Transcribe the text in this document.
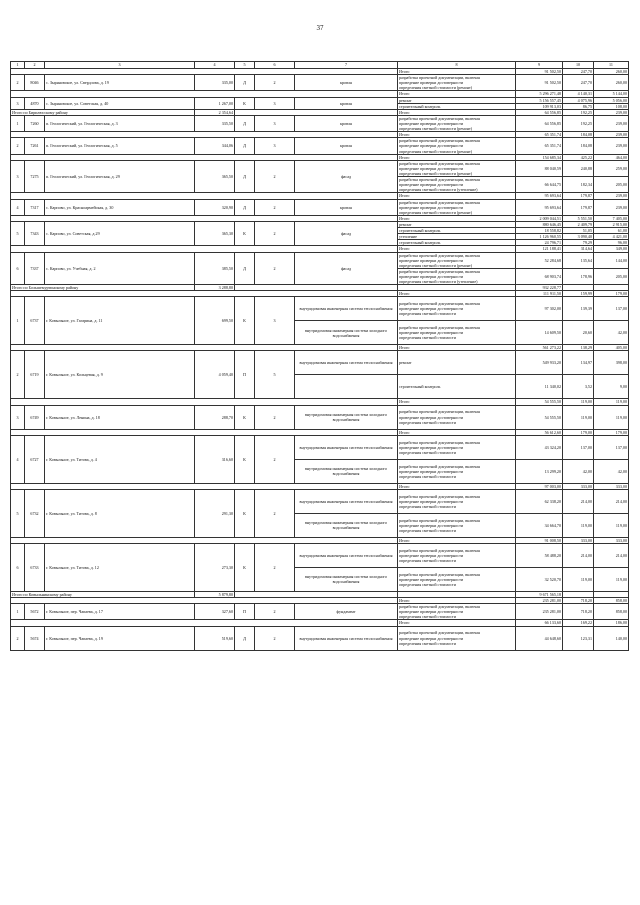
37
1	2	3	4	5	6	7	8	9	10	11
							Итого	91 502,50	247,70	260,00
2	8046	с. Зыряновское, ул. Свердлова, д. 19	335,00	Д	2	кровля	разработка проектной документации, включая
проведение проверки достоверности
определения сметной стоимости (ремонт)	91 502,50	247,70	260,00
							Итого	5 296 271,48	4 140,31	5 144,00
3	4870	с. Зыряновское, ул. Советская, д. 40	1 267,00	К	3	кровля	ремонт	5 156 557,45	4 075,96	5 056,00
							строительный контроль	109 913,03	86,75	108,00
Итого по Бирилюсскому району			2 354,64				Итого	64 556,85	192,25	239,00
1	7260	п. Геологический, ул. Геологическая, д. 3	335,50	Д	3	кровля	разработка проектной документации, включая
проведение проверки достоверности
определения сметной стоимости (ремонт)	64 556,85	192,25	239,00
							Итого	65 351,74	184,08	239,00
2	7261	п. Геологический, ул. Геологическая, д. 5	344,06	Д	3	кровля	разработка проектной документации, включая
проведение проверки достоверности
определения сметной стоимости (ремонт)	65 351,74	184,08	239,00
							Итого	154 685,34	425,22	464,00
3	7275	п. Геологический, ул. Геологическая, д. 29	365,50	Д	2	фасад	разработка проектной документации, включая
проведение проверки достоверности
определения сметной стоимости (ремонт)	88 040,59	240,88	259,00
							разработка проектной документации, включая
проведение проверки достоверности
определения сметной стоимости (утепление)	66 644,75	182,34	205,00
							Итого	95 693,64	179,87	239,00
4	7317	с. Карпово, ул. Красноармейская, д. 30	320,90	Д	2	кровля	разработка проектной документации, включая
проведение проверки достоверности
определения сметной стоимости (ремонт)	95 693,64	179,87	239,00
							Итого	2 009 044,51	5 551,50	7 405,00
5	7343	с. Карпово, ул. Советская, д.29	365,30	К	2	фасад	ремонт	880 646,45	2 409,79	2 915,00
							строительный контроль	18 558,82	51,05	61,00
							утепление	1 126 960,55	3 090,40	4 421,00
							строительный контроль	24 796,71	79,29	96,00
							Итого	121 188,41	314,64	349,00
6	7337	с. Карпово, ул. Учебная, д. 2	385,50	Д	2	фасад	разработка проектной документации, включая
проведение проверки достоверности
определения сметной стоимости (ремонт)	52 284,68	135,64	144,00
							разработка проектной документации, включая
проведение проверки достоверности
определения сметной стоимости (утепление)	68 903,74	178,96	205,00
Итого по Большемуртинскому району			3 288,80					932 228,77		
							Итого	111 911,50	159,99	179,00
1	6737	г. Ковыльное, ул. Гагарина, д. 11	699,50	К	3	внутридомовая инженерная система теплоснабжения	разработка проектной документации, включая
проведение проверки достоверности
определения сметной стоимости	97 302,00	139,39	137,00
						внутридомовая инженерная система холодного водоснабжения	разработка проектной документации, включая
проведение проверки достоверности
определения сметной стоимости	14 609,50	20,60	42,00
							Итого	561 273,22	138,29	405,00
2	6719	г. Ковыльное, ул. Кольцевая, д. 9	4 059,40	П	5	внутридомовая инженерная система теплоснабжения	ремонт	549 933,20	134,97	398,00
							строительный контроль	11 340,02	3,52	9,00
							Итого	54 555,50	119,00	119,00
3	6749	г. Ковыльное, ул. Ленина, д. 18	288,70	К	2	внутридомовая инженерная система холодного водоснабжения	разработка проектной документации, включая
проведение проверки достоверности
определения сметной стоимости	54 555,50	119,00	119,00
							Итого	56 612,60	179,00	179,00
4	6727	г. Ковыльное, ул. Титова, д. 4	316,60	К	2	внутридомовая инженерная система теплоснабжения	разработка проектной документации, включая
проведение проверки достоверности
определения сметной стоимости	43 324,20	137,00	137,00
						внутридомовая инженерная система холодного водоснабжения	разработка проектной документации, включая
проведение проверки достоверности
определения сметной стоимости	13 299,20	42,00	42,00
							Итого	97 003,00	333,00	333,00
5	6732	г. Ковыльное, ул. Титова, д. 8	291,30	К	2	внутридомовая инженерная система теплоснабжения	разработка проектной документации, включая
проведение проверки достоверности
определения сметной стоимости	62 338,20	214,00	214,00
						внутридомовая инженерная система холодного водоснабжения	разработка проектной документации, включая
проведение проверки достоверности
определения сметной стоимости	34 664,70	119,00	119,00
							Итого	91 008,50	333,00	333,00
6	6733	г. Ковыльное, ул. Титова, д. 12	273,30	К	2	внутридомовая инженерная система теплоснабжения	разработка проектной документации, включая
проведение проверки достоверности
определения сметной стоимости	58 488,20	214,00	214,00
						внутридомовая инженерная система холодного водоснабжения	разработка проектной документации, включая
проведение проверки достоверности
определения сметной стоимости	32 520,70	119,00	119,00
Итого по Ковыльнинскому району			5 879,80					9 671 565,18		
							Итого	235 281,00	718,20	858,00
1	5672	г. Ковыльное, пер. Чапаева, д. 17	327,60	П	2	фундамент	разработка проектной документации, включая
проведение проверки достоверности
определения сметной стоимости	235 281,00	718,20	858,00
							Итого	66 133,60	169,22	186,00
2	5674	г. Ковыльное, пер. Чапаева, д. 19	519,60	Д	2	внутридомовая инженерная система теплоснабжения	разработка проектной документации, включая
проведение проверки достоверности
определения сметной стоимости	44 648,60	123,31	140,00
